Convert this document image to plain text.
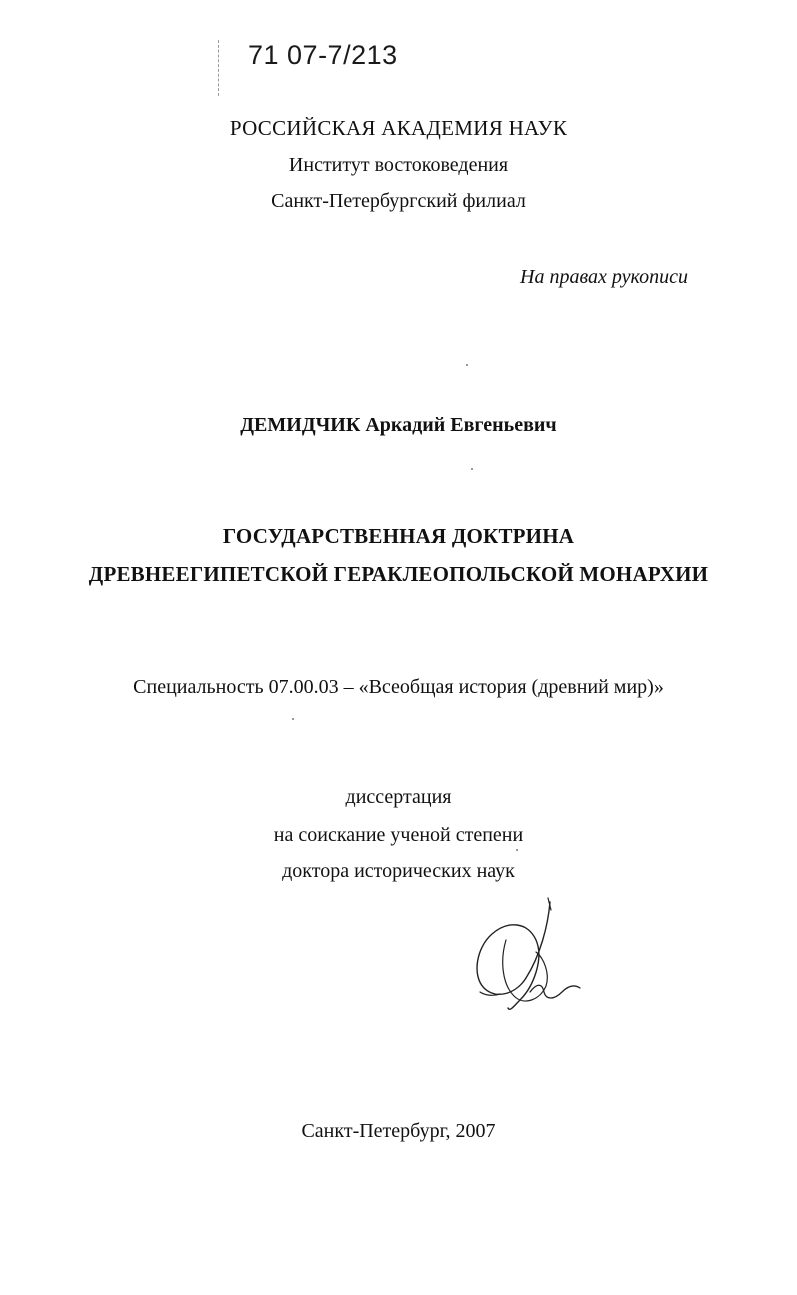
71 07-7/213
РОССИЙСКАЯ АКАДЕМИЯ НАУК
Институт востоковедения
Санкт-Петербургский филиал
На правах рукописи
ДЕМИДЧИК Аркадий Евгеньевич
ГОСУДАРСТВЕННАЯ ДОКТРИНА
ДРЕВНЕЕГИПЕТСКОЙ ГЕРАКЛЕОПОЛЬСКОЙ МОНАРХИИ
Специальность 07.00.03 – «Всеобщая история (древний мир)»
диссертация
на соискание ученой степени
доктора исторических наук
Санкт-Петербург, 2007
